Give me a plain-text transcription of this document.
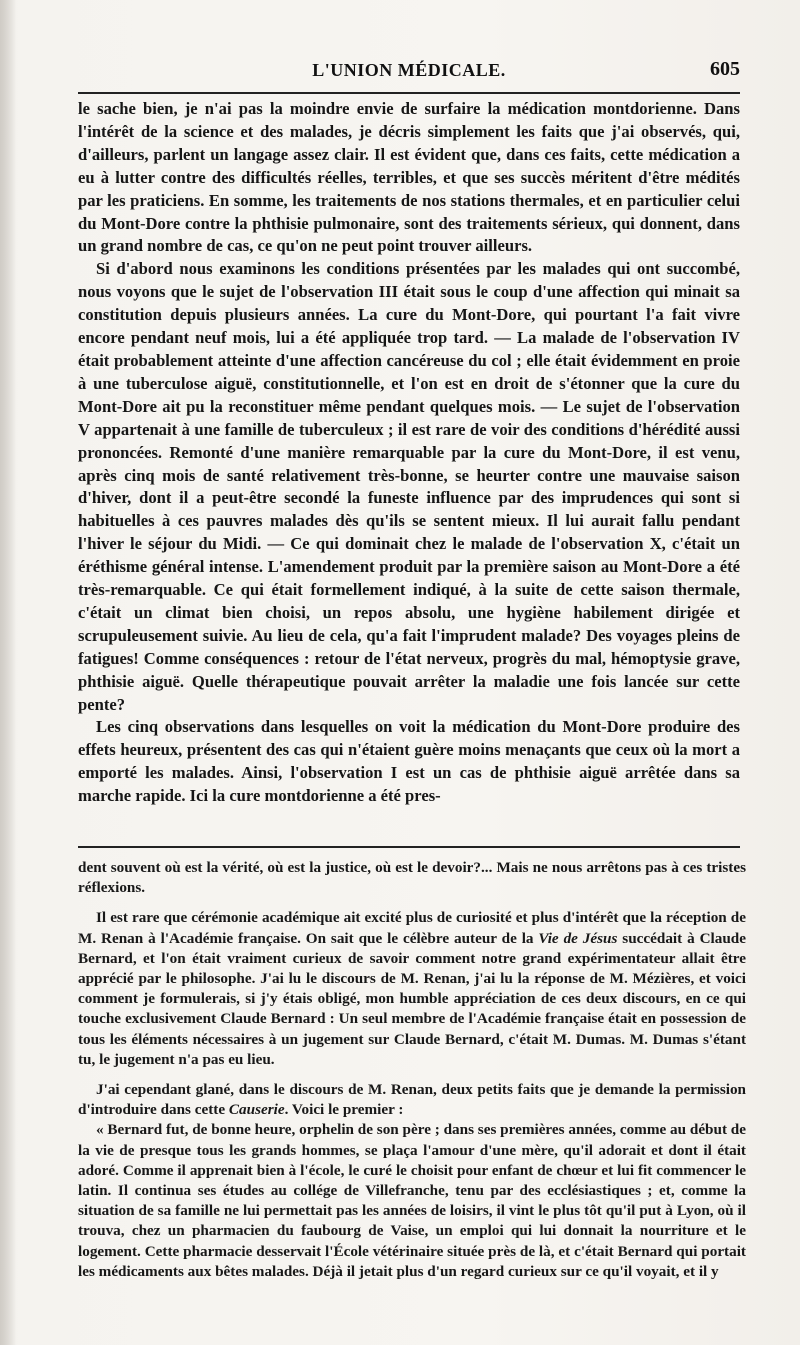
L'UNION MÉDICALE.	605

le sache bien, je n'ai pas la moindre envie de surfaire la médication montdorienne. Dans l'intérêt de la science et des malades, je décris simplement les faits que j'ai observés, qui, d'ailleurs, parlent un langage assez clair. Il est évident que, dans ces faits, cette médication a eu à lutter contre des difficultés réelles, terribles, et que ses succès méritent d'être médités par les praticiens. En somme, les traitements de nos stations thermales, et en particulier celui du Mont-Dore contre la phthisie pulmonaire, sont des traitements sérieux, qui donnent, dans un grand nombre de cas, ce qu'on ne peut point trouver ailleurs.

Si d'abord nous examinons les conditions présentées par les malades qui ont succombé, nous voyons que le sujet de l'observation III était sous le coup d'une affection qui minait sa constitution depuis plusieurs années. La cure du Mont-Dore, qui pourtant l'a fait vivre encore pendant neuf mois, lui a été appliquée trop tard. — La malade de l'observation IV était probablement atteinte d'une affection cancéreuse du col ; elle était évidemment en proie à une tuberculose aiguë, constitutionnelle, et l'on est en droit de s'étonner que la cure du Mont-Dore ait pu la reconstituer même pendant quelques mois. — Le sujet de l'observation V appartenait à une famille de tuberculeux ; il est rare de voir des conditions d'hérédité aussi prononcées. Remonté d'une manière remarquable par la cure du Mont-Dore, il est venu, après cinq mois de santé relativement très-bonne, se heurter contre une mauvaise saison d'hiver, dont il a peut-être secondé la funeste influence par des imprudences qui sont si habituelles à ces pauvres malades dès qu'ils se sentent mieux. Il lui aurait fallu pendant l'hiver le séjour du Midi. — Ce qui dominait chez le malade de l'observation X, c'était un éréthisme général intense. L'amendement produit par la première saison au Mont-Dore a été très-remarquable. Ce qui était formellement indiqué, à la suite de cette saison thermale, c'était un climat bien choisi, un repos absolu, une hygiène habilement dirigée et scrupuleusement suivie. Au lieu de cela, qu'a fait l'imprudent malade? Des voyages pleins de fatigues! Comme conséquences : retour de l'état nerveux, progrès du mal, hémoptysie grave, phthisie aiguë. Quelle thérapeutique pouvait arrêter la maladie une fois lancée sur cette pente?

Les cinq observations dans lesquelles on voit la médication du Mont-Dore produire des effets heureux, présentent des cas qui n'étaient guère moins menaçants que ceux où la mort a emporté les malades. Ainsi, l'observation I est un cas de phthisie aiguë arrêtée dans sa marche rapide. Ici la cure montdorienne a été pres-

dent souvent où est la vérité, où est la justice, où est le devoir?... Mais ne nous arrêtons pas à ces tristes réflexions.

Il est rare que cérémonie académique ait excité plus de curiosité et plus d'intérêt que la réception de M. Renan à l'Académie française. On sait que le célèbre auteur de la Vie de Jésus succédait à Claude Bernard, et l'on était vraiment curieux de savoir comment notre grand expérimentateur allait être apprécié par le philosophe. J'ai lu le discours de M. Renan, j'ai lu la réponse de M. Mézières, et voici comment je formulerais, si j'y étais obligé, mon humble appréciation de ces deux discours, en ce qui touche exclusivement Claude Bernard : Un seul membre de l'Académie française était en possession de tous les éléments nécessaires à un jugement sur Claude Bernard, c'était M. Dumas. M. Dumas s'étant tu, le jugement n'a pas eu lieu.

J'ai cependant glané, dans le discours de M. Renan, deux petits faits que je demande la permission d'introduire dans cette Causerie. Voici le premier :

« Bernard fut, de bonne heure, orphelin de son père ; dans ses premières années, comme au début de la vie de presque tous les grands hommes, se plaça l'amour d'une mère, qu'il adorait et dont il était adoré. Comme il apprenait bien à l'école, le curé le choisit pour enfant de chœur et lui fit commencer le latin. Il continua ses études au collége de Villefranche, tenu par des ecclésiastiques ; et, comme la situation de sa famille ne lui permettait pas les années de loisirs, il vint le plus tôt qu'il put à Lyon, où il trouva, chez un pharmacien du faubourg de Vaise, un emploi qui lui donnait la nourriture et le logement. Cette pharmacie desservait l'École vétérinaire située près de là, et c'était Bernard qui portait les médicaments aux bêtes malades. Déjà il jetait plus d'un regard curieux sur ce qu'il voyait, et il y
